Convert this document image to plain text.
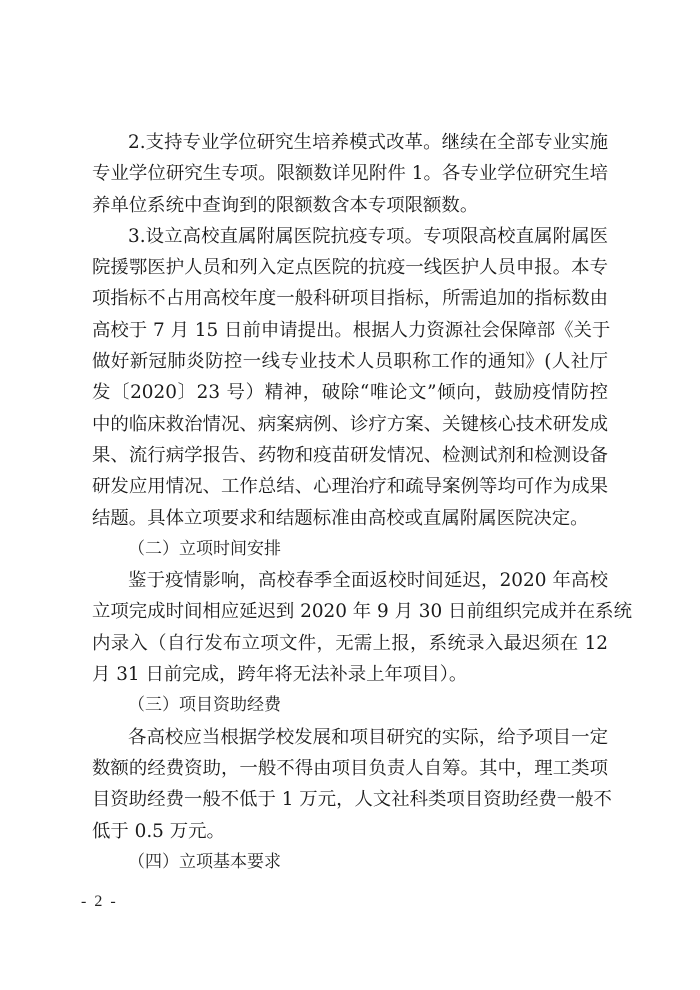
2.支持专业学位研究生培养模式改革。继续在全部专业实施
专业学位研究生专项。限额数详见附件 1。各专业学位研究生培
养单位系统中查询到的限额数含本专项限额数。
3.设立高校直属附属医院抗疫专项。专项限高校直属附属医
院援鄂医护人员和列入定点医院的抗疫一线医护人员申报。本专
项指标不占用高校年度一般科研项目指标，所需追加的指标数由
高校于 7 月 15 日前申请提出。根据人力资源社会保障部《关于
做好新冠肺炎防控一线专业技术人员职称工作的通知》(人社厅
发〔2020〕23 号）精神，破除“唯论文”倾向，鼓励疫情防控
中的临床救治情况、病案病例、诊疗方案、关键核心技术研发成
果、流行病学报告、药物和疫苗研发情况、检测试剂和检测设备
研发应用情况、工作总结、心理治疗和疏导案例等均可作为成果
结题。具体立项要求和结题标准由高校或直属附属医院决定。
（二）立项时间安排
鉴于疫情影响，高校春季全面返校时间延迟，2020 年高校
立项完成时间相应延迟到 2020 年 9 月 30 日前组织完成并在系统
内录入（自行发布立项文件，无需上报，系统录入最迟须在 12
月 31 日前完成，跨年将无法补录上年项目）。
（三）项目资助经费
各高校应当根据学校发展和项目研究的实际，给予项目一定
数额的经费资助，一般不得由项目负责人自筹。其中，理工类项
目资助经费一般不低于 1 万元，人文社科类项目资助经费一般不
低于 0.5 万元。
（四）立项基本要求
- 2 -
